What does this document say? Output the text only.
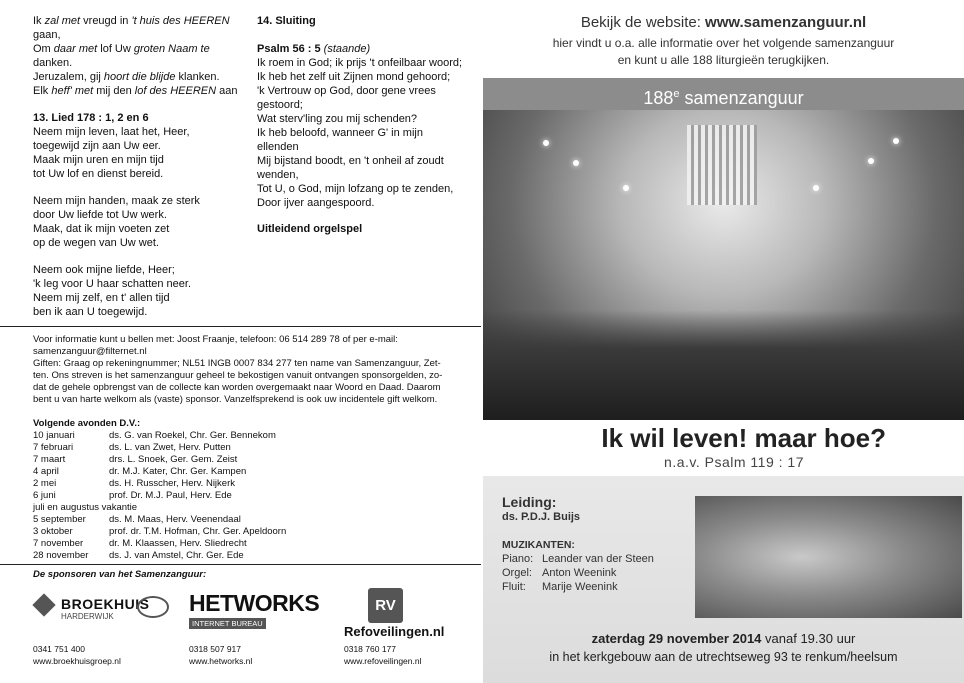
Ik zal met vreugd in 't huis des HEEREN
gaan,
Om daar met lof Uw groten Naam te
danken.
Jeruzalem, gij hoort die blijde klanken.
Elk heff' met mij den lof des HEEREN aan
13. Lied 178 : 1, 2 en 6
Neem mijn leven, laat het, Heer,
toegewijd zijn aan Uw eer.
Maak mijn uren en mijn tijd
tot Uw lof en dienst bereid.
Neem mijn handen, maak ze sterk
door Uw liefde tot Uw werk.
Maak, dat ik mijn voeten zet
op de wegen van Uw wet.
Neem ook mijne liefde, Heer;
'k leg voor U haar schatten neer.
Neem mij zelf, en t' allen tijd
ben ik aan U toegewijd.
14. Sluiting
Psalm 56 : 5 (staande)
Ik roem in God; ik prijs 't onfeilbaar woord;
Ik heb het zelf uit Zijnen mond gehoord;
'k Vertrouw op God, door gene vrees
gestoord;
Wat sterv'ling zou mij schenden?
Ik heb beloofd, wanneer G' in mijn
ellenden
Mij bijstand boodt, en 't onheil af zoudt
wenden,
Tot U, o God, mijn lofzang op te zenden,
Door ijver aangespoord.
Uitleidend orgelspel
Voor informatie kunt u bellen met: Joost Fraanje, telefoon: 06 514 289 78 of per e-mail:
samenzanguur@filternet.nl
Giften: Graag op rekeningnummer; NL51 INGB 0007 834 277 ten name van Samenzanguur, Zet-
ten. Ons streven is het samenzanguur geheel te bekostigen vanuit ontvangen sponsorgelden, zo-
dat de gehele opbrengst van de collecte kan worden overgemaakt naar Woord en Daad. Daarom
bent u van harte welkom als (vaste) sponsor. Vanzelfsprekend is ook uw incidentele gift welkom.
Volgende avonden D.V.:
10 januari	ds. G. van Roekel, Chr. Ger. Bennekom
7 februari	ds. L. van Zwet, Herv. Putten
7 maart	drs. L. Snoek, Ger. Gem. Zeist
4 april	dr. M.J. Kater, Chr. Ger. Kampen
2 mei	ds. H. Russcher, Herv. Nijkerk
6 juni	prof. Dr. M.J. Paul, Herv. Ede
juli en augustus vakantie
5 september	ds. M. Maas, Herv. Veenendaal
3 oktober	prof. dr. T.M. Hofman, Chr. Ger. Apeldoorn
7 november	dr. M. Klaassen, Herv. Sliedrecht
28 november	ds. J. van Amstel, Chr. Ger. Ede
De sponsoren van het Samenzanguur:
BROEKHUIS
HARDERWIJK
0341 751 400
www.broekhuisgroep.nl
HETWORKS
INTERNET BUREAU
0318 507 917
www.hetworks.nl
RV
Refoveilingen.nl
0318 760 177
www.refoveilingen.nl
Bekijk de website: www.samenzanguur.nl
hier vindt u o.a. alle informatie over het volgende samenzanguur
en kunt u alle 188 liturgieën terugkijken.
188e samenzanguur
Ik wil leven! maar hoe?
n.a.v. Psalm 119 : 17
Leiding:
ds. P.D.J. Buijs
MUZIKANTEN:
Piano: Leander van der Steen
Orgel: Anton Weenink
Fluit:	Marije Weenink
zaterdag 29 november 2014 vanaf 19.30 uur
in het kerkgebouw aan de utrechtseweg 93 te renkum/heelsum
